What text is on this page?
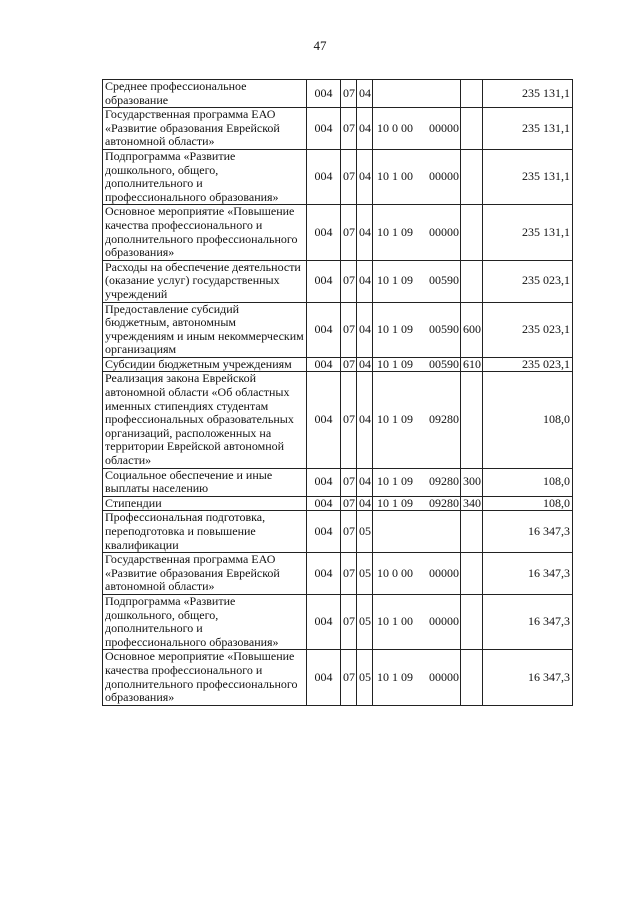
47
Среднее профессиональное образование	004	07	04			235 131,1
Государственная программа ЕАО «Развитие образования Еврейской автономной области»	004	07	04	10 0 00 00000		235 131,1
Подпрограмма «Развитие дошкольного, общего, дополнительного и профессионального образования»	004	07	04	10 1 00 00000		235 131,1
Основное мероприятие «Повышение качества профессионального и дополнительного профессионального образования»	004	07	04	10 1 09 00000		235 131,1
Расходы на обеспечение деятельности (оказание услуг) государственных учреждений	004	07	04	10 1 09 00590		235 023,1
Предоставление субсидий бюджетным, автономным учреждениям и иным некоммерческим организациям	004	07	04	10 1 09 00590	600	235 023,1
Субсидии бюджетным учреждениям	004	07	04	10 1 09 00590	610	235 023,1
Реализация закона Еврейской автономной области «Об областных именных стипендиях студентам профессиональных образовательных организаций, расположенных на территории Еврейской автономной области»	004	07	04	10 1 09 09280		108,0
Социальное обеспечение и иные выплаты населению	004	07	04	10 1 09 09280	300	108,0
Стипендии	004	07	04	10 1 09 09280	340	108,0
Профессиональная подготовка, переподготовка и повышение квалификации	004	07	05			16 347,3
Государственная программа ЕАО «Развитие образования Еврейской автономной области»	004	07	05	10 0 00 00000		16 347,3
Подпрограмма «Развитие дошкольного, общего, дополнительного и профессионального образования»	004	07	05	10 1 00 00000		16 347,3
Основное мероприятие «Повышение качества профессионального и дополнительного профессионального образования»	004	07	05	10 1 09 00000		16 347,3
